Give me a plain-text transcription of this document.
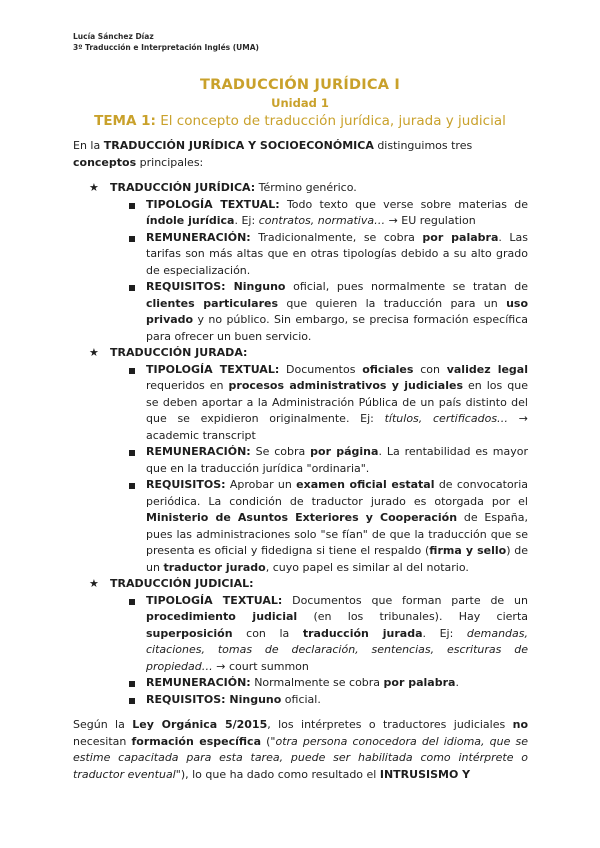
Lucía Sánchez Díaz
3º Traducción e Interpretación Inglés (UMA)
TRADUCCIÓN JURÍDICA I
Unidad 1
TEMA 1: El concepto de traducción jurídica, jurada y judicial

En la TRADUCCIÓN JURÍDICA Y SOCIOECONÓMICA distinguimos tres conceptos principales:

★ TRADUCCIÓN JURÍDICA: Término genérico.

TIPOLOGÍA TEXTUAL: Todo texto que verse sobre materias de índole jurídica. Ej: contratos, normativa… → EU regulation

REMUNERACIÓN: Tradicionalmente, se cobra por palabra. Las tarifas son más altas que en otras tipologías debido a su alto grado de especialización.

REQUISITOS: Ninguno oficial, pues normalmente se tratan de clientes particulares que quieren la traducción para un uso privado y no público. Sin embargo, se precisa formación específica para ofrecer un buen servicio.

★ TRADUCCIÓN JURADA:

TIPOLOGÍA TEXTUAL: Documentos oficiales con validez legal requeridos en procesos administrativos y judiciales en los que se deben aportar a la Administración Pública de un país distinto del que se expidieron originalmente. Ej: títulos, certificados… → academic transcript

REMUNERACIÓN: Se cobra por página. La rentabilidad es mayor que en la traducción jurídica "ordinaria".

REQUISITOS: Aprobar un examen oficial estatal de convocatoria periódica. La condición de traductor jurado es otorgada por el Ministerio de Asuntos Exteriores y Cooperación de España, pues las administraciones solo "se fían" de que la traducción que se presenta es oficial y fidedigna si tiene el respaldo (firma y sello) de un traductor jurado, cuyo papel es similar al del notario.

★ TRADUCCIÓN JUDICIAL:

TIPOLOGÍA TEXTUAL: Documentos que forman parte de un procedimiento judicial (en los tribunales). Hay cierta superposición con la traducción jurada. Ej: demandas, citaciones, tomas de declaración, sentencias, escrituras de propiedad… → court summon

REMUNERACIÓN: Normalmente se cobra por palabra.

REQUISITOS: Ninguno oficial.

Según la Ley Orgánica 5/2015, los intérpretes o traductores judiciales no necesitan formación específica ("otra persona conocedora del idioma, que se estime capacitada para esta tarea, puede ser habilitada como intérprete o traductor eventual"), lo que ha dado como resultado el INTRUSISMO Y
